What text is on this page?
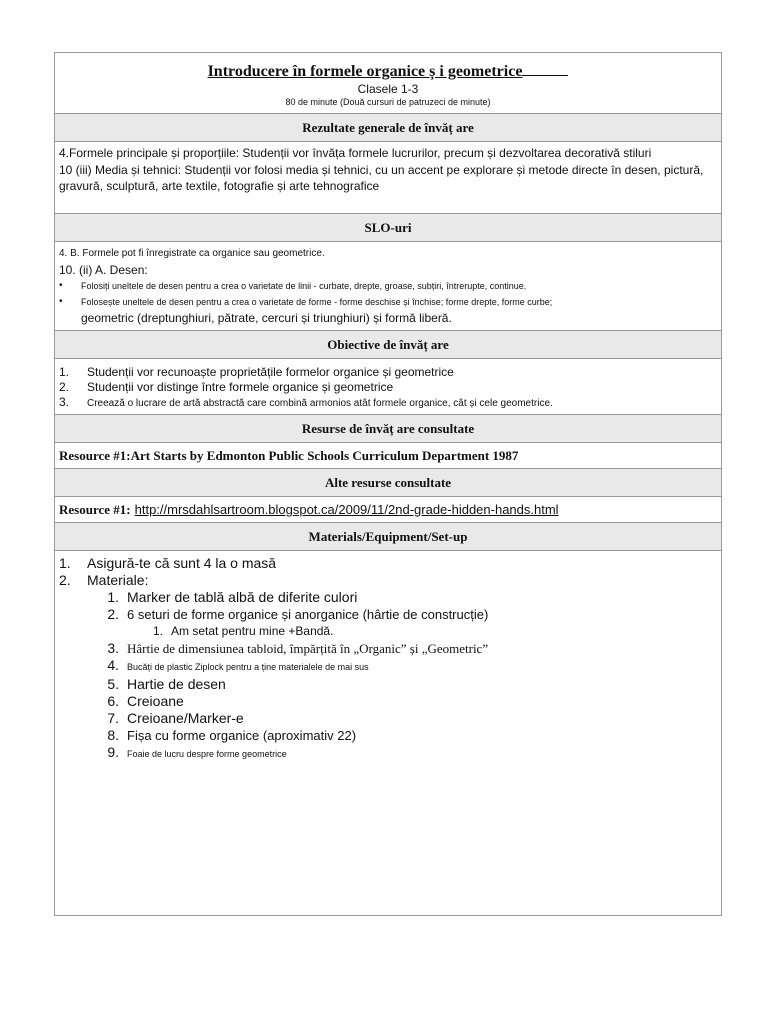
Introducere în formele organice ș i geometrice
Clasele 1-3
80 de minute (Două cursuri de patruzeci de minute)
Rezultate generale de învăț are
4.Formele principale și proporțiile: Studenții vor învăța formele lucrurilor, precum și dezvoltarea decorativă stiluri
10 (iii) Media și tehnici: Studenții vor folosi media și tehnici, cu un accent pe explorare și metode directe în desen, pictură, gravură, sculptură, arte textile, fotografie și arte tehnografice
SLO-uri
4. B. Formele pot fi înregistrate ca organice sau geometrice.
10. (ii) A. Desen:
•	Folosiți uneltele de desen pentru a crea o varietate de linii - curbate, drepte, groase, subțiri, întrerupte, continue.
•	Folosește uneltele de desen pentru a crea o varietate de forme - forme deschise și închise; forme drepte, forme curbe;
geometric (dreptunghiuri, pătrate, cercuri și triunghiuri) și formă liberă.
Obiective de învăț are
1.	Studenții vor recunoaște proprietățile formelor organice și geometrice
2.	Studenții vor distinge între formele organice și geometrice
3.	Creează o lucrare de artă abstractă care combină armonios atât formele organice, cât și cele geometrice.
Resurse de învăț are consultate
Resource #1:Art Starts by Edmonton Public Schools Curriculum Department 1987
Alte resurse consultate
Resource #1: http://mrsdahlsartroom.blogspot.ca/2009/11/2nd-grade-hidden-hands.html
Materials/Equipment/Set-up
1.	Asigură-te că sunt 4 la o masă
2.	Materiale:
1. Marker de tablă albă de diferite culori
2. 6 seturi de forme organice și anorganice (hârtie de construcție)
1. Am setat pentru mine +Bandă.
3. Hârtie de dimensiunea tabloid, împărțită în „Organic” și „Geometric”
4. Bucăți de plastic Ziplock pentru a ține materialele de mai sus
5. Hartie de desen
6. Creioane
7. Creioane/Marker-e
8. Fișa cu forme organice (aproximativ 22)
9. Foaie de lucru despre forme geometrice
